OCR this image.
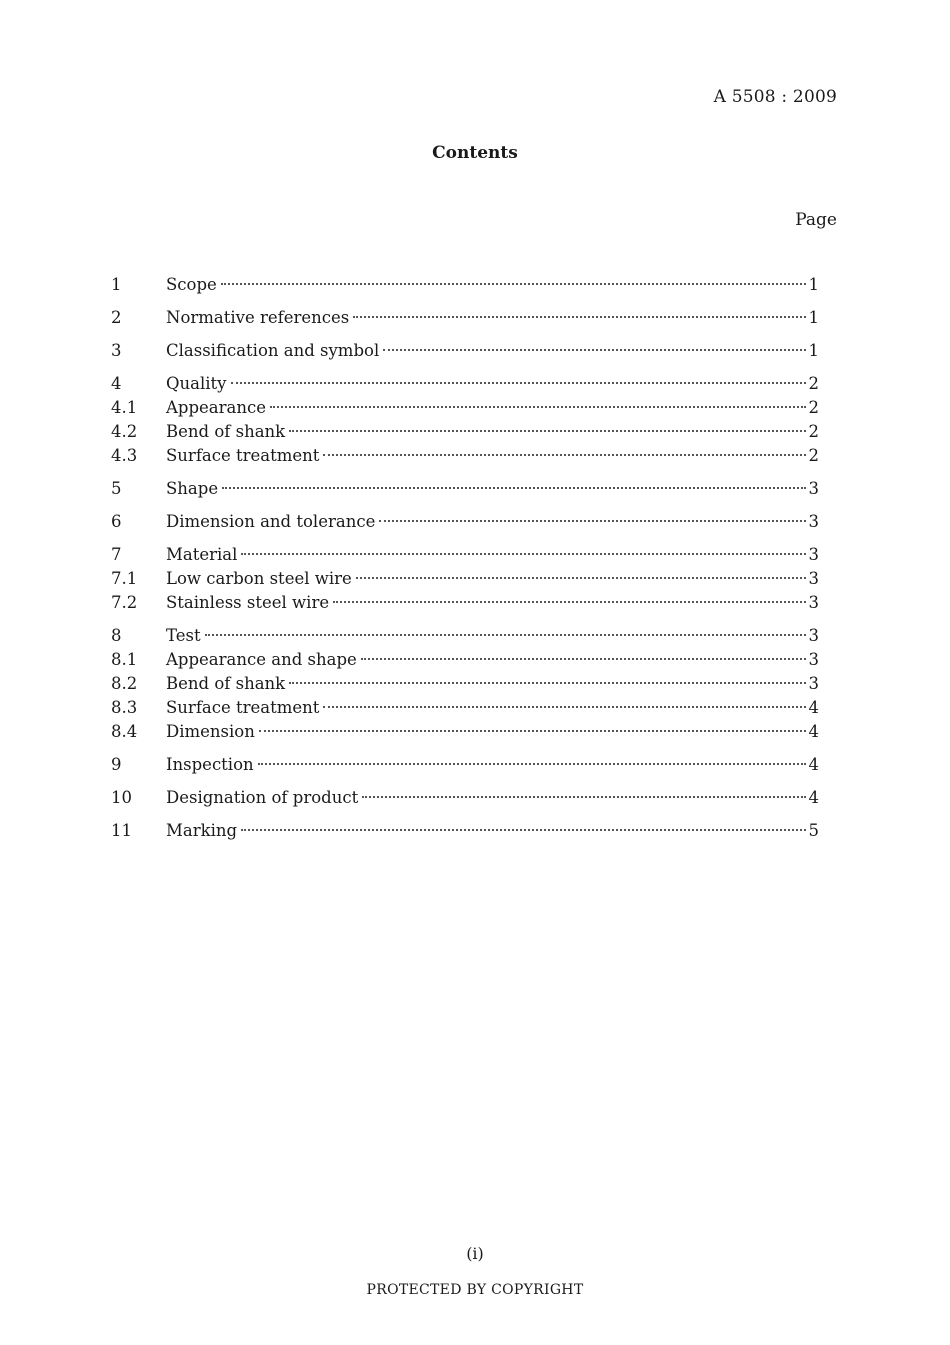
A 5508 : 2009
Contents
Page
1	Scope	1
2	Normative references	1
3	Classification and symbol	1
4	Quality	2
4.1	Appearance	2
4.2	Bend of shank	2
4.3	Surface treatment	2
5	Shape	3
6	Dimension and tolerance	3
7	Material	3
7.1	Low carbon steel wire	3
7.2	Stainless steel wire	3
8	Test	3
8.1	Appearance and shape	3
8.2	Bend of shank	3
8.3	Surface treatment	4
8.4	Dimension	4
9	Inspection	4
10	Designation of product	4
11	Marking	5
(i)
PROTECTED BY COPYRIGHT
